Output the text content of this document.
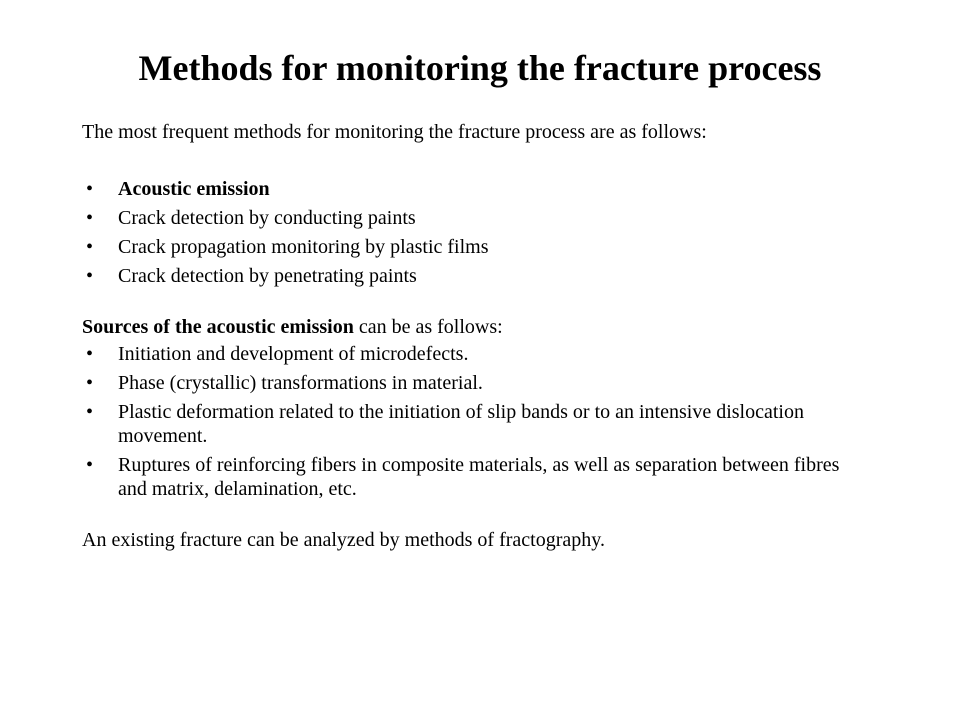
Methods for monitoring the fracture process

The most frequent methods for monitoring the fracture process are as follows:

• Acoustic emission
• Crack detection by conducting paints
• Crack propagation monitoring by plastic films
• Crack detection by penetrating paints

Sources of the acoustic emission can be as follows:

• Initiation and development of microdefects.
• Phase (crystallic) transformations in material.
• Plastic deformation related to the initiation of slip bands or to an intensive dislocation movement.
• Ruptures of reinforcing fibers in composite materials, as well as separation between fibres and matrix, delamination, etc.

An existing fracture can be analyzed by methods of fractography.
